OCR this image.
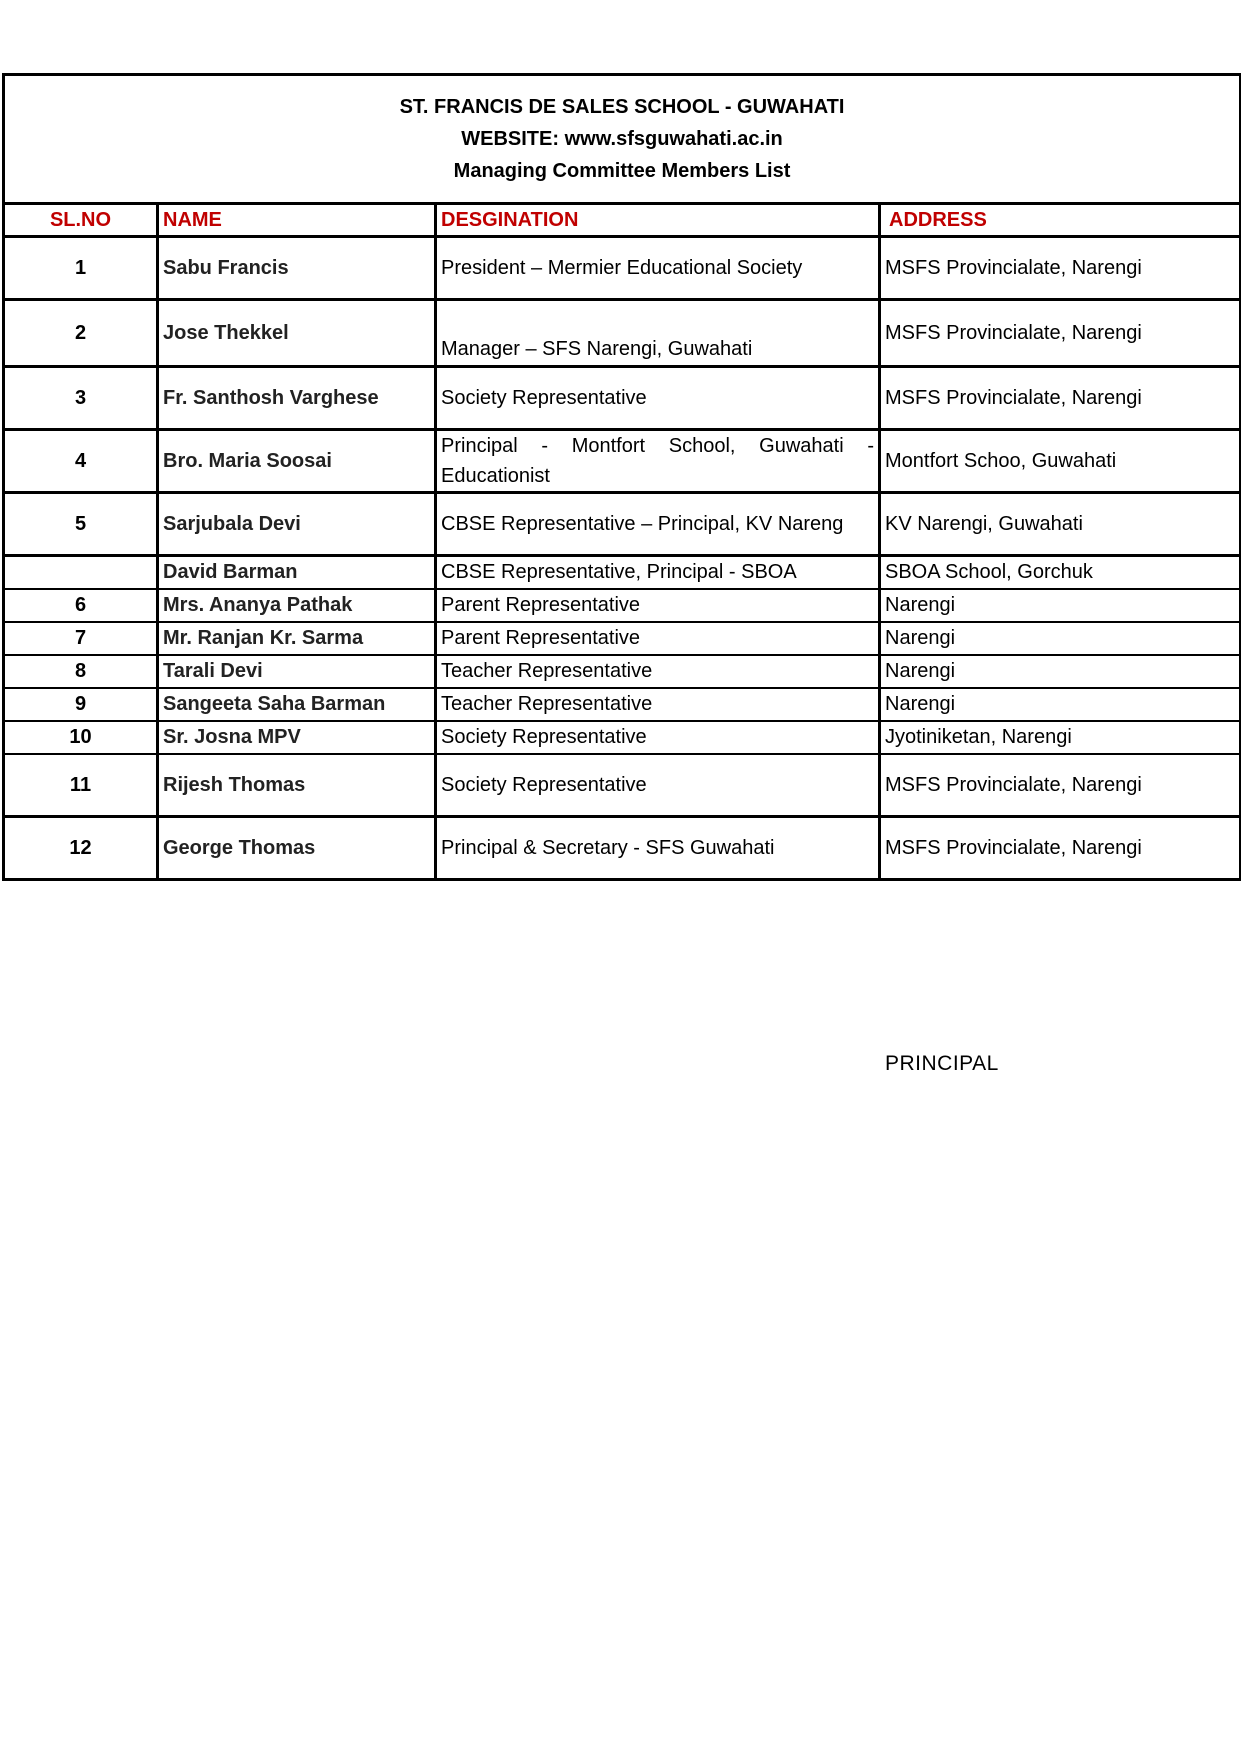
ST. FRANCIS DE SALES SCHOOL - GUWAHATI
WEBSITE: www.sfsguwahati.ac.in
Managing Committee Members List			

SL.NO	NAME	DESGINATION	ADDRESS
1	Sabu Francis	President – Mermier Educational Society	MSFS Provincialate, Narengi
2	Jose Thekkel	Manager – SFS Narengi, Guwahati	MSFS Provincialate, Narengi
3	Fr. Santhosh Varghese	Society Representative	MSFS Provincialate, Narengi
4	Bro. Maria Soosai	Principal - Montfort School, Guwahati - Educationist	Montfort Schoo, Guwahati
5	Sarjubala Devi	CBSE Representative – Principal, KV Nareng	KV Narengi, Guwahati
	David Barman	CBSE Representative, Principal - SBOA	SBOA School, Gorchuk
6	Mrs. Ananya Pathak	Parent Representative	Narengi
7	Mr. Ranjan Kr. Sarma	Parent Representative	Narengi
8	Tarali Devi	Teacher Representative	Narengi
9	Sangeeta Saha Barman	Teacher Representative	Narengi
10	Sr. Josna MPV	Society Representative	Jyotiniketan, Narengi
11	Rijesh Thomas	Society Representative	MSFS Provincialate, Narengi
12	George Thomas	Principal & Secretary - SFS Guwahati	MSFS Provincialate, Narengi
PRINCIPAL
